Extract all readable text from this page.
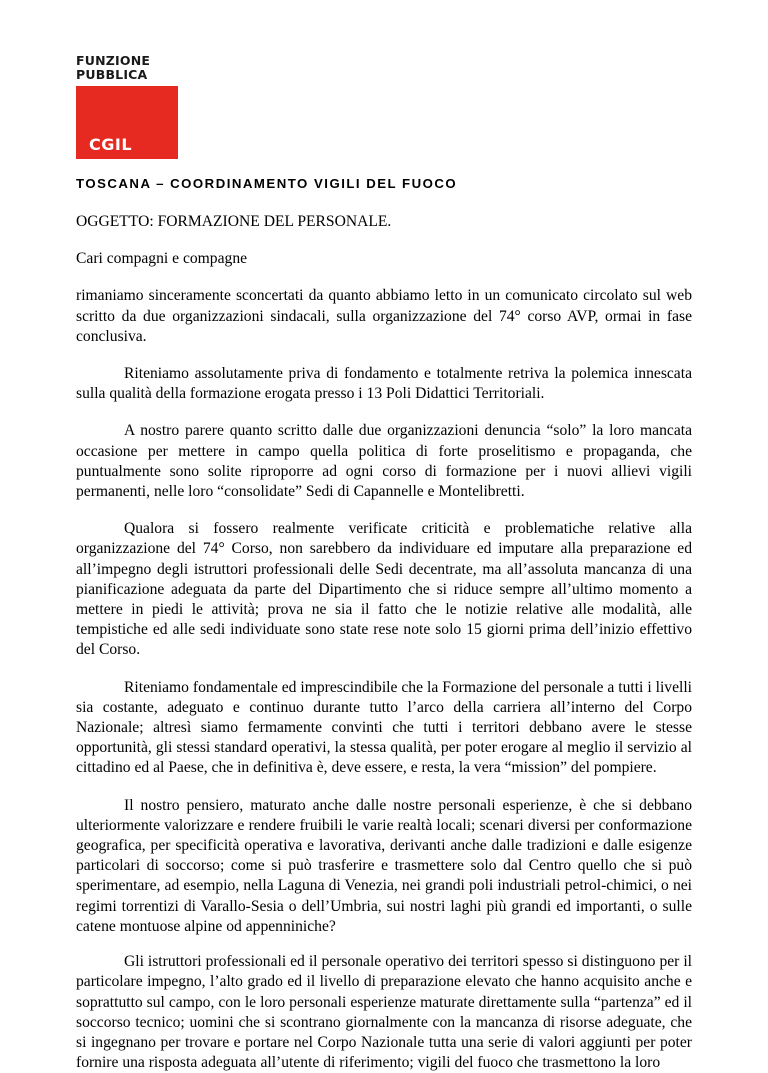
FUNZIONE
PUBBLICA
CGIL
TOSCANA – COORDINAMENTO VIGILI DEL FUOCO

OGGETTO: FORMAZIONE DEL PERSONALE.

Cari compagni e compagne

rimaniamo sinceramente sconcertati da quanto abbiamo letto in un comunicato circolato sul web scritto da due organizzazioni sindacali, sulla organizzazione del 74° corso AVP, ormai in fase conclusiva.

Riteniamo assolutamente priva di fondamento e totalmente retriva la polemica innescata sulla qualità della formazione erogata presso i 13 Poli Didattici Territoriali.

A nostro parere quanto scritto dalle due organizzazioni denuncia “solo” la loro mancata occasione per mettere in campo quella politica di forte proselitismo e propaganda, che puntualmente sono solite riproporre ad ogni corso di formazione per i nuovi allievi vigili permanenti, nelle loro “consolidate” Sedi di Capannelle e Montelibretti.

Qualora si fossero realmente verificate criticità e problematiche relative alla organizzazione del 74° Corso, non sarebbero da individuare ed imputare alla preparazione ed all’impegno degli istruttori professionali delle Sedi decentrate, ma all’assoluta mancanza di una pianificazione adeguata da parte del Dipartimento che si riduce sempre all’ultimo momento a mettere in piedi le attività; prova ne sia il fatto che le notizie relative alle modalità, alle tempistiche ed alle sedi individuate sono state rese note solo 15 giorni prima dell’inizio effettivo del Corso.

Riteniamo fondamentale ed imprescindibile che la Formazione del personale a tutti i livelli sia costante, adeguato e continuo durante tutto l’arco della carriera all’interno del Corpo Nazionale; altresì siamo fermamente convinti che tutti i territori debbano avere le stesse opportunità, gli stessi standard operativi, la stessa qualità, per poter erogare al meglio il servizio al cittadino ed al Paese, che in definitiva è, deve essere, e resta, la vera “mission” del pompiere.

Il nostro pensiero, maturato anche dalle nostre personali esperienze, è che si debbano ulteriormente valorizzare e rendere fruibili le varie realtà locali; scenari diversi per conformazione geografica, per specificità operativa e lavorativa, derivanti anche dalle tradizioni e dalle esigenze particolari di soccorso; come si può trasferire e trasmettere solo dal Centro quello che si può sperimentare, ad esempio, nella Laguna di Venezia, nei grandi poli industriali petrol-chimici, o nei regimi torrentizi di Varallo-Sesia o dell’Umbria, sui nostri laghi più grandi ed importanti, o sulle catene montuose alpine od appenniniche?

Gli istruttori professionali ed il personale operativo dei territori spesso si distinguono per il particolare impegno, l’alto grado ed il livello di preparazione elevato che hanno acquisito anche e soprattutto sul campo, con le loro personali esperienze maturate direttamente sulla “partenza” ed il soccorso tecnico; uomini che si scontrano giornalmente con la mancanza di risorse adeguate, che si ingegnano per trovare e portare nel Corpo Nazionale tutta una serie di valori aggiunti per poter fornire una risposta adeguata all’utente di riferimento; vigili del fuoco che trasmettono la loro
